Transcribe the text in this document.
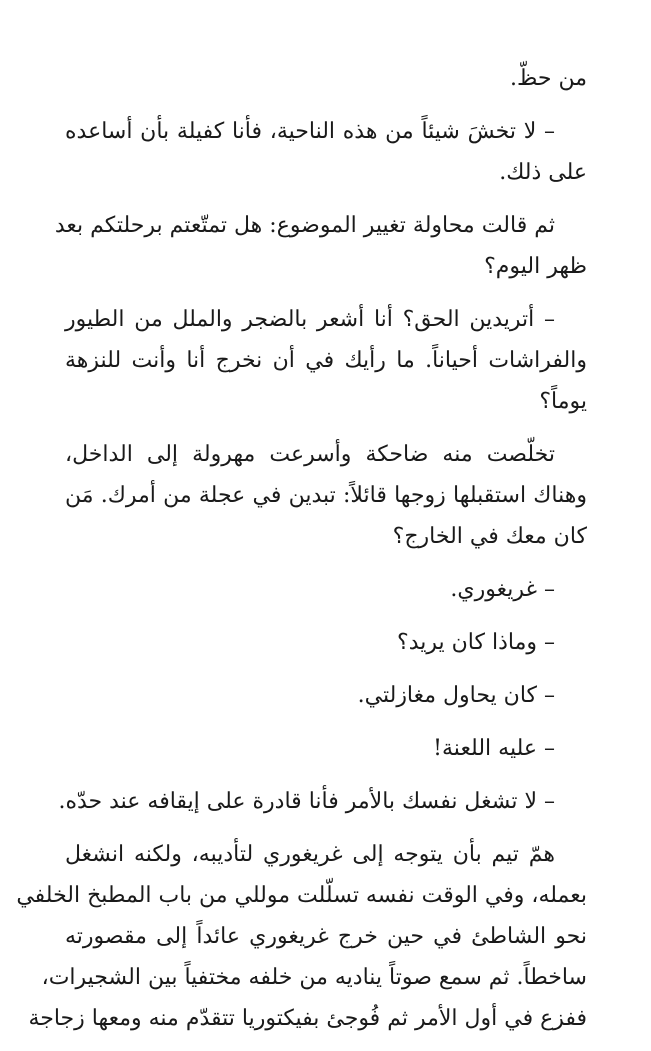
من حظّ.
– لا تخشَ شيئاً من هذه الناحية، فأنا كفيلة بأن أساعده
على ذلك.
ثم قالت محاولة تغيير الموضوع: هل تمتّعتم برحلتكم بعد
ظهر اليوم؟
– أتريدين الحق؟ أنا أشعر بالضجر والملل من الطيور
والفراشات أحياناً. ما رأيك في أن نخرج أنا وأنت للنزهة
يوماً؟
تخلّصت منه ضاحكة وأسرعت مهرولة إلى الداخل،
وهناك استقبلها زوجها قائلاً: تبدين في عجلة من أمرك. مَن
كان معك في الخارج؟
– غريغوري.
– وماذا كان يريد؟
– كان يحاول مغازلتي.
– عليه اللعنة!
– لا تشغل نفسك بالأمر فأنا قادرة على إيقافه عند حدّه.
همّ تيم بأن يتوجه إلى غريغوري لتأديبه، ولكنه انشغل
بعمله، وفي الوقت نفسه تسلّلت موللي من باب المطبخ الخلفي
نحو الشاطئ في حين خرج غريغوري عائداً إلى مقصورته
ساخطاً. ثم سمع صوتاً يناديه من خلفه مختفياً بين الشجيرات،
ففزع في أول الأمر ثم فُوجئ بفيكتوريا تتقدّم منه ومعها زجاجة
